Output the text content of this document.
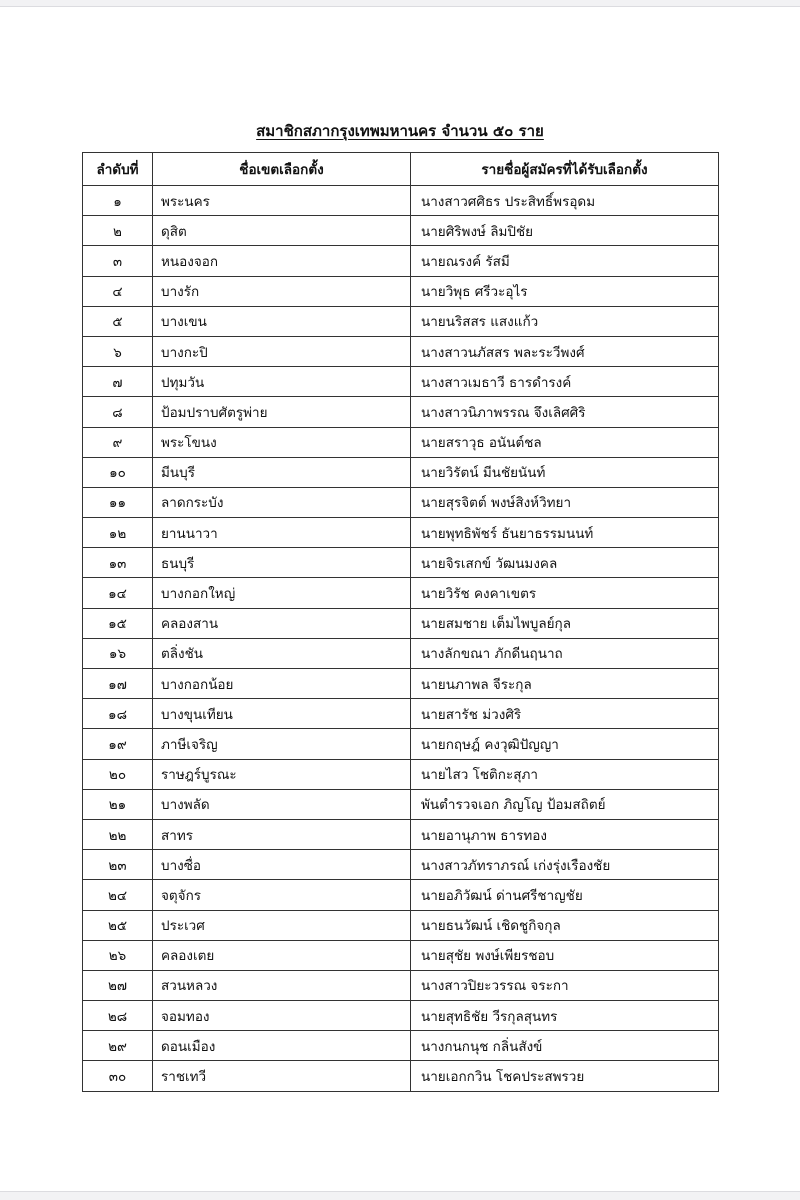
สมาชิกสภากรุงเทพมหานคร จำนวน ๕๐ ราย
ลำดับที่	ชื่อเขตเลือกตั้ง	รายชื่อผู้สมัครที่ได้รับเลือกตั้ง
๑	พระนคร	นางสาวศศิธร ประสิทธิ์พรอุดม
๒	ดุสิต	นายศิริพงษ์ ลิมปิชัย
๓	หนองจอก	นายณรงค์ รัสมี
๔	บางรัก	นายวิพุธ ศรีวะอุไร
๕	บางเขน	นายนริสสร แสงแก้ว
๖	บางกะปิ	นางสาวนภัสสร พละระวีพงศ์
๗	ปทุมวัน	นางสาวเมธาวี ธารดำรงค์
๘	ป้อมปราบศัตรูพ่าย	นางสาวนิภาพรรณ จึงเลิศศิริ
๙	พระโขนง	นายสราวุธ อนันต์ชล
๑๐	มีนบุรี	นายวิรัตน์ มีนชัยนันท์
๑๑	ลาดกระบัง	นายสุรจิตต์ พงษ์สิงห์วิทยา
๑๒	ยานนาวา	นายพุทธิพัชร์ ธันยาธรรมนนท์
๑๓	ธนบุรี	นายจิรเสกข์ วัฒนมงคล
๑๔	บางกอกใหญ่	นายวิรัช คงคาเขตร
๑๕	คลองสาน	นายสมชาย เต็มไพบูลย์กุล
๑๖	ตลิ่งชัน	นางลักขณา ภักดีนฤนาถ
๑๗	บางกอกน้อย	นายนภาพล จีระกุล
๑๘	บางขุนเทียน	นายสารัช ม่วงศิริ
๑๙	ภาษีเจริญ	นายกฤษฎ์ คงวุฒิปัญญา
๒๐	ราษฎร์บูรณะ	นายไสว โชติกะสุภา
๒๑	บางพลัด	พันตำรวจเอก ภิญโญ ป้อมสถิตย์
๒๒	สาทร	นายอานุภาพ ธารทอง
๒๓	บางซื่อ	นางสาวภัทราภรณ์ เก่งรุ่งเรืองชัย
๒๔	จตุจักร	นายอภิวัฒน์ ด่านศรีชาญชัย
๒๕	ประเวศ	นายธนวัฒน์ เชิดชูกิจกุล
๒๖	คลองเตย	นายสุชัย พงษ์เพียรชอบ
๒๗	สวนหลวง	นางสาวปิยะวรรณ จระกา
๒๘	จอมทอง	นายสุทธิชัย วีรกุลสุนทร
๒๙	ดอนเมือง	นางกนกนุช กลิ่นสังข์
๓๐	ราชเทวี	นายเอกกวิน โชคประสพรวย
